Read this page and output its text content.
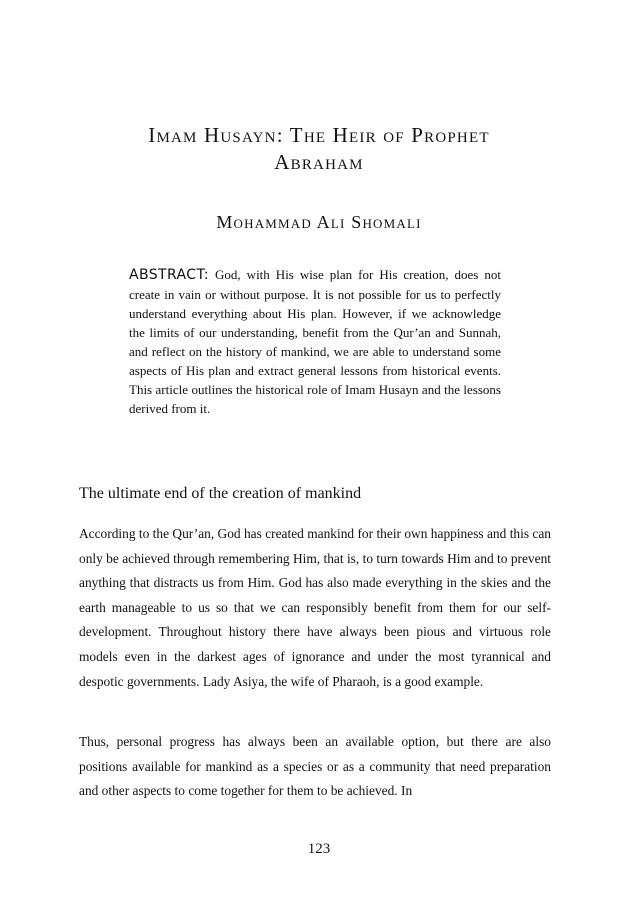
Imam Husayn: The Heir of Prophet
Abraham
Mohammad Ali Shomali
ABSTRACT: God, with His wise plan for His creation, does not create in vain or without purpose. It is not possible for us to perfectly understand everything about His plan. However, if we acknowledge the limits of our understanding, benefit from the Qur’an and Sunnah, and reflect on the history of mankind, we are able to understand some aspects of His plan and extract general lessons from historical events. This article outlines the historical role of Imam Husayn and the lessons derived from it.
The ultimate end of the creation of mankind
According to the Qur’an, God has created mankind for their own happiness and this can only be achieved through remembering Him, that is, to turn towards Him and to prevent anything that distracts us from Him. God has also made everything in the skies and the earth manageable to us so that we can responsibly benefit from them for our self-development. Throughout history there have always been pious and virtuous role models even in the darkest ages of ignorance and under the most tyrannical and despotic governments. Lady Asiya, the wife of Pharaoh, is a good example.
Thus, personal progress has always been an available option, but there are also positions available for mankind as a species or as a community that need preparation and other aspects to come together for them to be achieved. In
123
